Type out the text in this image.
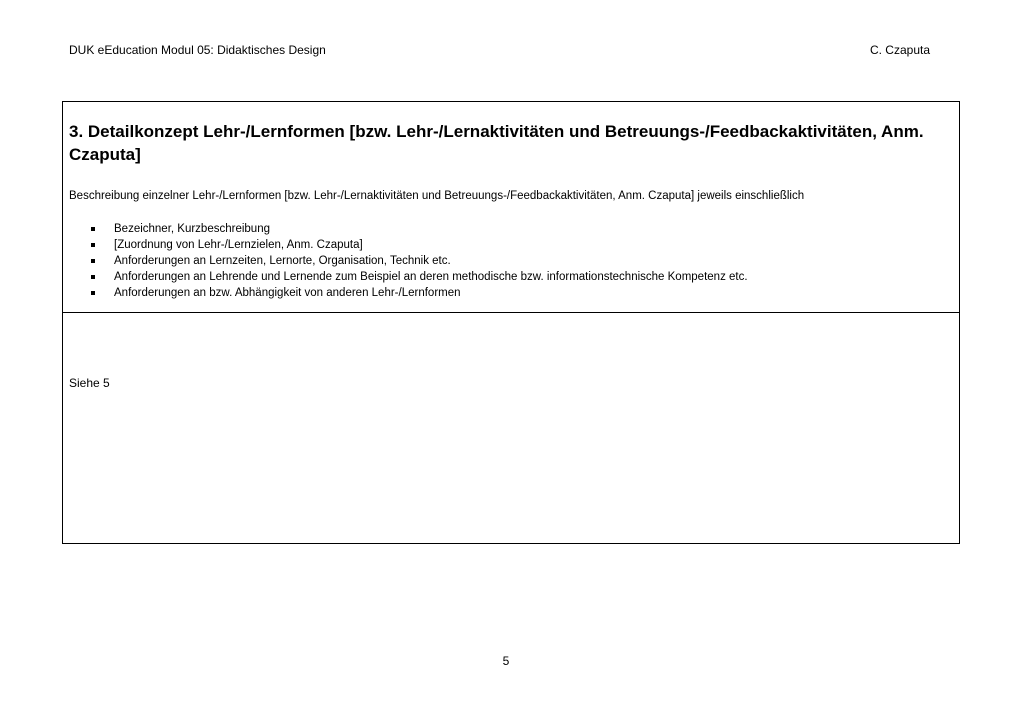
DUK eEducation Modul 05: Didaktisches Design	C. Czaputa
3. Detailkonzept Lehr-/Lernformen [bzw. Lehr-/Lernaktivitäten und Betreuungs-/Feedbackaktivitäten, Anm. Czaputa]

Beschreibung einzelner Lehr-/Lernformen [bzw. Lehr-/Lernaktivitäten und Betreuungs-/Feedbackaktivitäten, Anm. Czaputa] jeweils einschließlich

Bezeichner, Kurzbeschreibung
[Zuordnung von Lehr-/Lernzielen, Anm. Czaputa]
Anforderungen an Lernzeiten, Lernorte, Organisation, Technik etc.
Anforderungen an Lehrende und Lernende zum Beispiel an deren methodische bzw. informationstechnische Kompetenz etc.
Anforderungen an bzw. Abhängigkeit von anderen Lehr-/Lernformen

Siehe 5

5
